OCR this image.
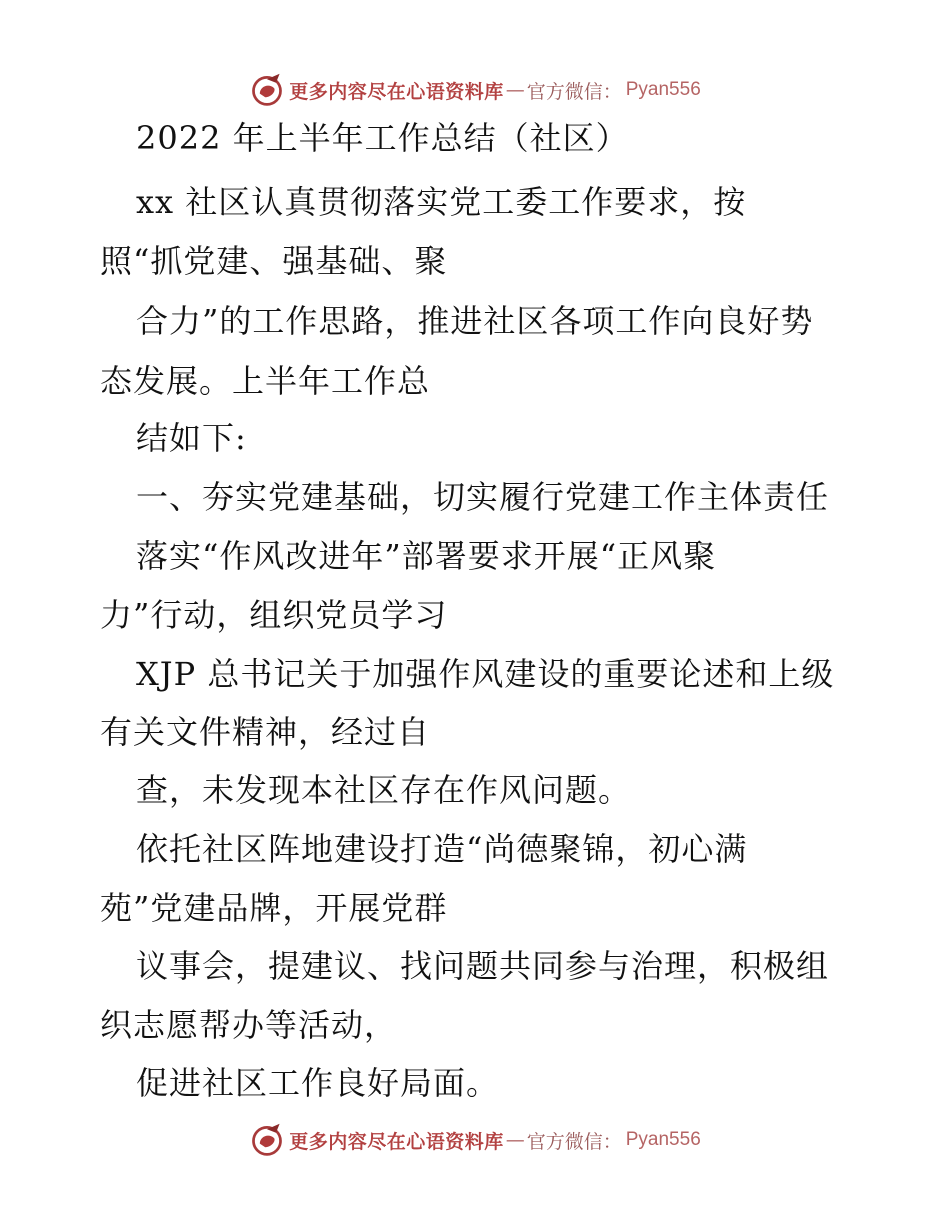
更多内容尽在心语资料库 — 官方微信： Pyan556
2022 年上半年工作总结（社区）
xx 社区认真贯彻落实党工委工作要求，按
照“抓党建、强基础、聚
合力”的工作思路，推进社区各项工作向良好势
态发展。上半年工作总
结如下:
一、夯实党建基础，切实履行党建工作主体责任
落实“作风改进年”部署要求开展“正风聚
力”行动，组织党员学习
XJP 总书记关于加强作风建设的重要论述和上级
有关文件精神，经过自
查，未发现本社区存在作风问题。
依托社区阵地建设打造“尚德聚锦，初心满
苑”党建品牌，开展党群
议事会，提建议、找问题共同参与治理，积极组
织志愿帮办等活动，
促进社区工作良好局面。
更多内容尽在心语资料库 — 官方微信： Pyan556
